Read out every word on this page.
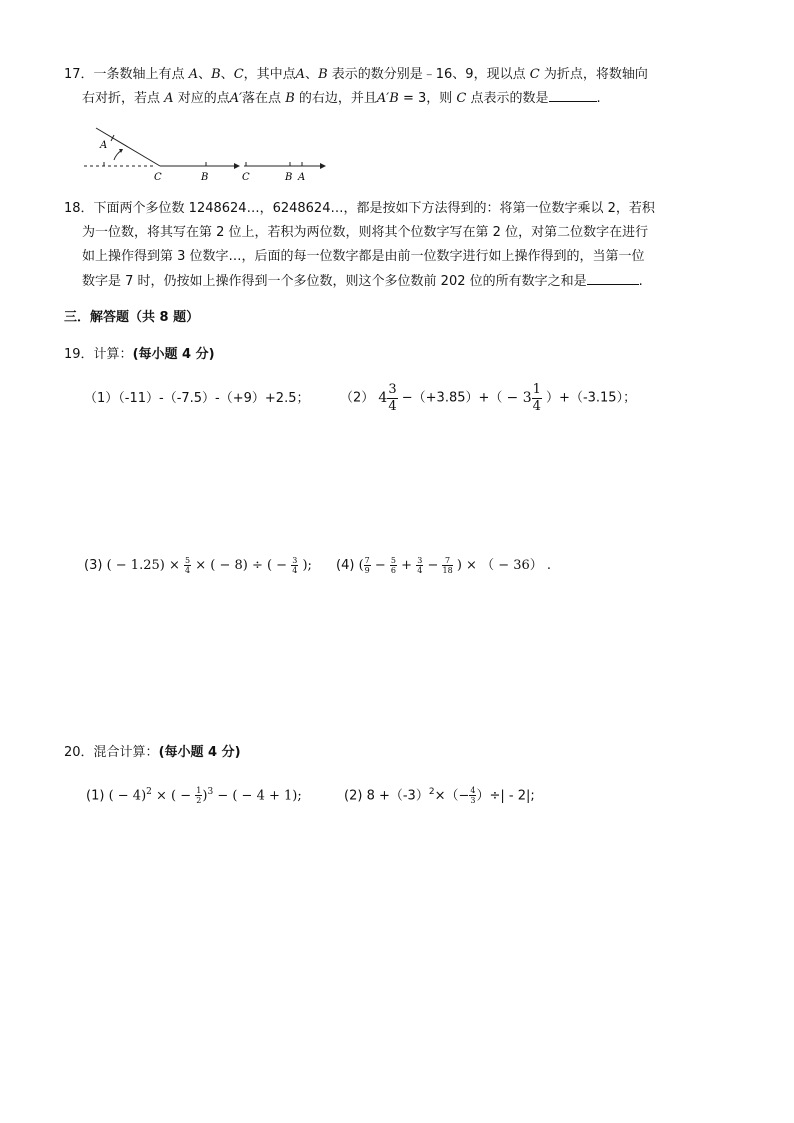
17．一条数轴上有点 A、B、C，其中点A、B 表示的数分别是﹣16、9，现以点 C 为折点，将数轴向
右对折，若点 A 对应的点A′落在点 B 的右边，并且A′B = 3，则 C 点表示的数是	.
A
C	B	C	B A
18．下面两个多位数 1248624…，6248624…，都是按如下方法得到的：将第一位数字乘以 2，若积
为一位数，将其写在第 2 位上，若积为两位数，则将其个位数字写在第 2 位，对第二位数字在进行
如上操作得到第 3 位数字…，后面的每一位数字都是由前一位数字进行如上操作得到的，当第一位
数字是 7 时，仍按如上操作得到一个多位数，则这个多位数前 202 位的所有数字之和是	.
三．解答题（共 8 题）
19．计算：(每小题 4 分)
（1）（-11）-（-7.5）-（+9）+2.5； （2） $4 \frac{3}{4} -(+3.85)+( - 3 \frac{1}{4} )+(-3.15)$；
(3) ( − $1.25) \times \frac{5}{4}$ × ( − 8) ÷ ( − $\frac{3}{4}$ ); (4) ( $\frac{7}{9} - \frac{5}{6} + \frac{3}{4} - \frac{7}{18}$ ) × （ − 36） .
20．混合计算：(每小题 4 分)
(1) ( − 4)$^2$ × ( − $\frac{1}{2} )^3$ − ( − 4 + 1);	(2) $8 +(-3)^2\times(- \frac{4}{3}$ ）÷| - 2|;
